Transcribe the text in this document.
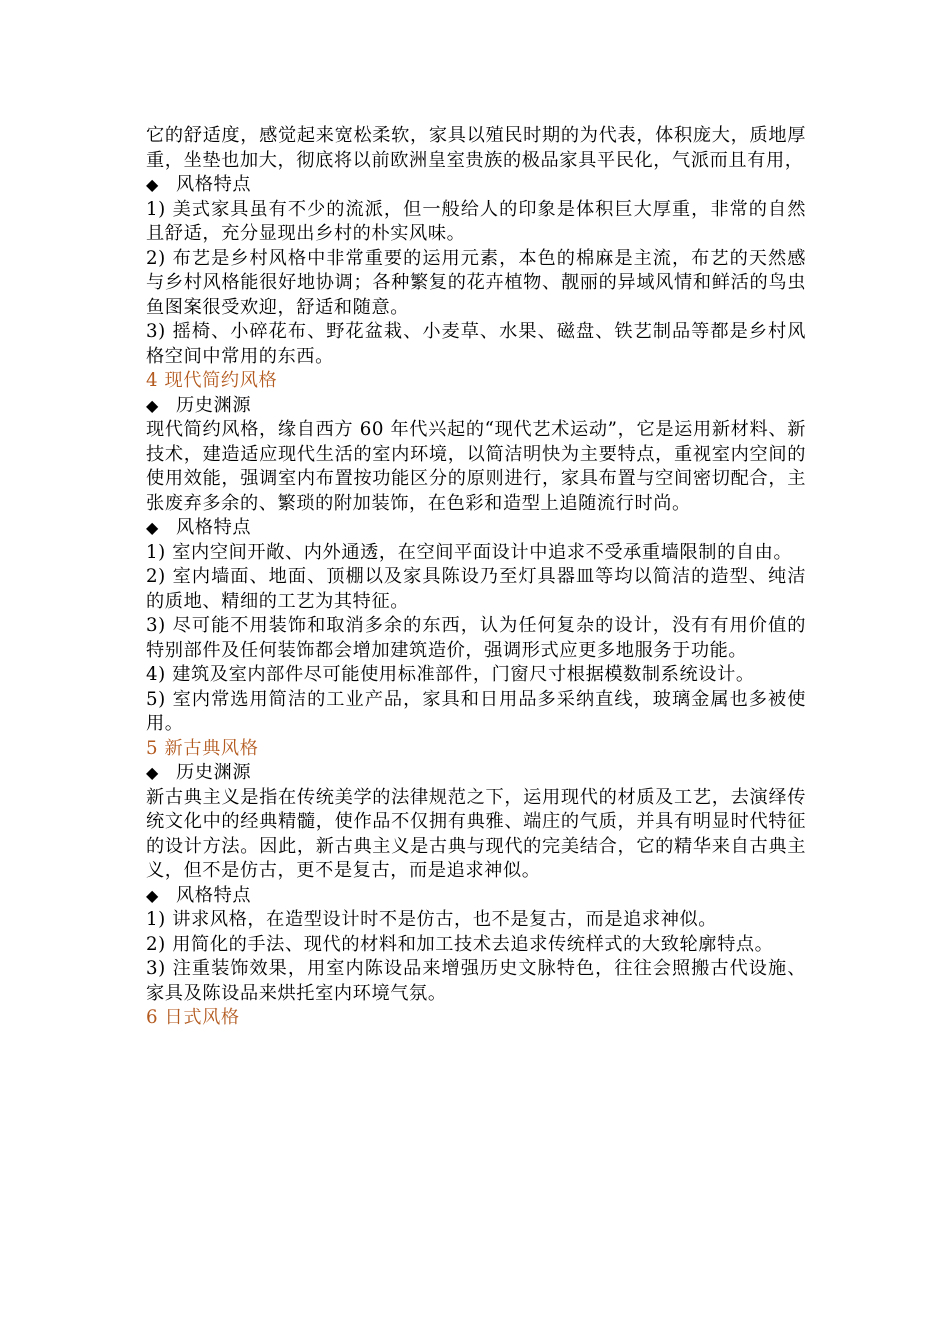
它的舒适度，感觉起来宽松柔软，家具以殖民时期的为代表，体积庞大，质地厚重，坐垫也加大，彻底将以前欧洲皇室贵族的极品家具平民化，气派而且有用，

◆ 风格特点

1) 美式家具虽有不少的流派，但一般给人的印象是体积巨大厚重，非常的自然且舒适，充分显现出乡村的朴实风味。

2) 布艺是乡村风格中非常重要的运用元素，本色的棉麻是主流，布艺的天然感与乡村风格能很好地协调；各种繁复的花卉植物、靓丽的异域风情和鲜活的鸟虫鱼图案很受欢迎，舒适和随意。

3) 摇椅、小碎花布、野花盆栽、小麦草、水果、磁盘、铁艺制品等都是乡村风格空间中常用的东西。

4 现代简约风格

◆ 历史渊源

现代简约风格，缘自西方 60 年代兴起的“现代艺术运动”，它是运用新材料、新技术，建造适应现代生活的室内环境，以简洁明快为主要特点，重视室内空间的使用效能，强调室内布置按功能区分的原则进行，家具布置与空间密切配合，主张废弃多余的、繁琐的附加装饰，在色彩和造型上追随流行时尚。

◆ 风格特点

1) 室内空间开敞、内外通透，在空间平面设计中追求不受承重墙限制的自由。

2) 室内墙面、地面、顶棚以及家具陈设乃至灯具器皿等均以简洁的造型、纯洁的质地、精细的工艺为其特征。

3) 尽可能不用装饰和取消多余的东西，认为任何复杂的设计，没有有用价值的特别部件及任何装饰都会增加建筑造价，强调形式应更多地服务于功能。

4) 建筑及室内部件尽可能使用标准部件，门窗尺寸根据模数制系统设计。

5) 室内常选用简洁的工业产品，家具和日用品多采纳直线，玻璃金属也多被使用。

5 新古典风格

◆ 历史渊源

新古典主义是指在传统美学的法律规范之下，运用现代的材质及工艺，去演绎传统文化中的经典精髓，使作品不仅拥有典雅、端庄的气质，并具有明显时代特征的设计方法。因此，新古典主义是古典与现代的完美结合，它的精华来自古典主义，但不是仿古，更不是复古，而是追求神似。

◆ 风格特点

1) 讲求风格，在造型设计时不是仿古，也不是复古，而是追求神似。

2) 用简化的手法、现代的材料和加工技术去追求传统样式的大致轮廓特点。

3) 注重装饰效果，用室内陈设品来增强历史文脉特色，往往会照搬古代设施、家具及陈设品来烘托室内环境气氛。

6 日式风格
